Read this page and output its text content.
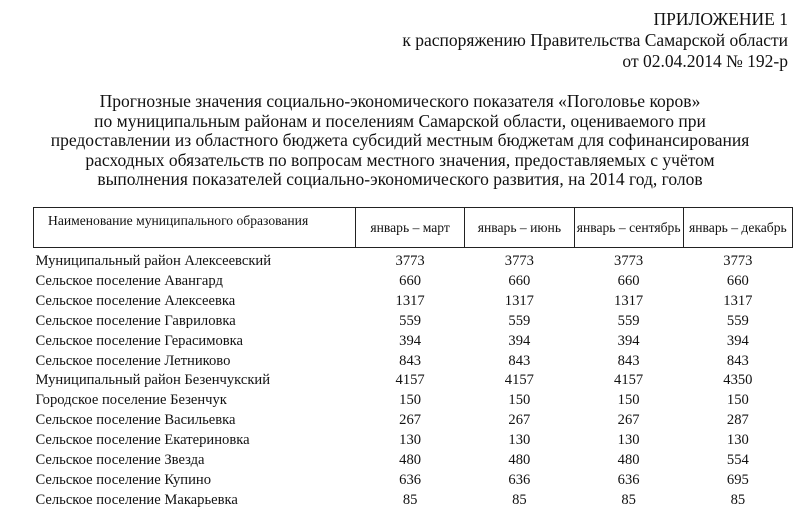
ПРИЛОЖЕНИЕ 1
к распоряжению Правительства Самарской области
от 02.04.2014 № 192-р
Прогнозные значения социально-экономического показателя «Поголовье коров»
по муниципальным районам и поселениям Самарской области, оцениваемого при
предоставлении из областного бюджета субсидий местным бюджетам для софинансирования
расходных обязательств по вопросам местного значения, предоставляемых с учётом
выполнения показателей социально-экономического развития, на 2014 год, голов
Наименование муниципального образования	январь – март	январь – июнь	январь – сентябрь	январь – декабрь

Муниципальный район Алексеевский	3773	3773	3773	3773
Сельское поселение Авангард	660	660	660	660
Сельское поселение Алексеевка	1317	1317	1317	1317
Сельское поселение Гавриловка	559	559	559	559
Сельское поселение Герасимовка	394	394	394	394
Сельское поселение Летниково	843	843	843	843
Муниципальный район Безенчукский	4157	4157	4157	4350
Городское поселение Безенчук	150	150	150	150
Сельское поселение Васильевка	267	267	267	287
Сельское поселение Екатериновка	130	130	130	130
Сельское поселение Звезда	480	480	480	554
Сельское поселение Купино	636	636	636	695
Сельское поселение Макарьевка	85	85	85	85
